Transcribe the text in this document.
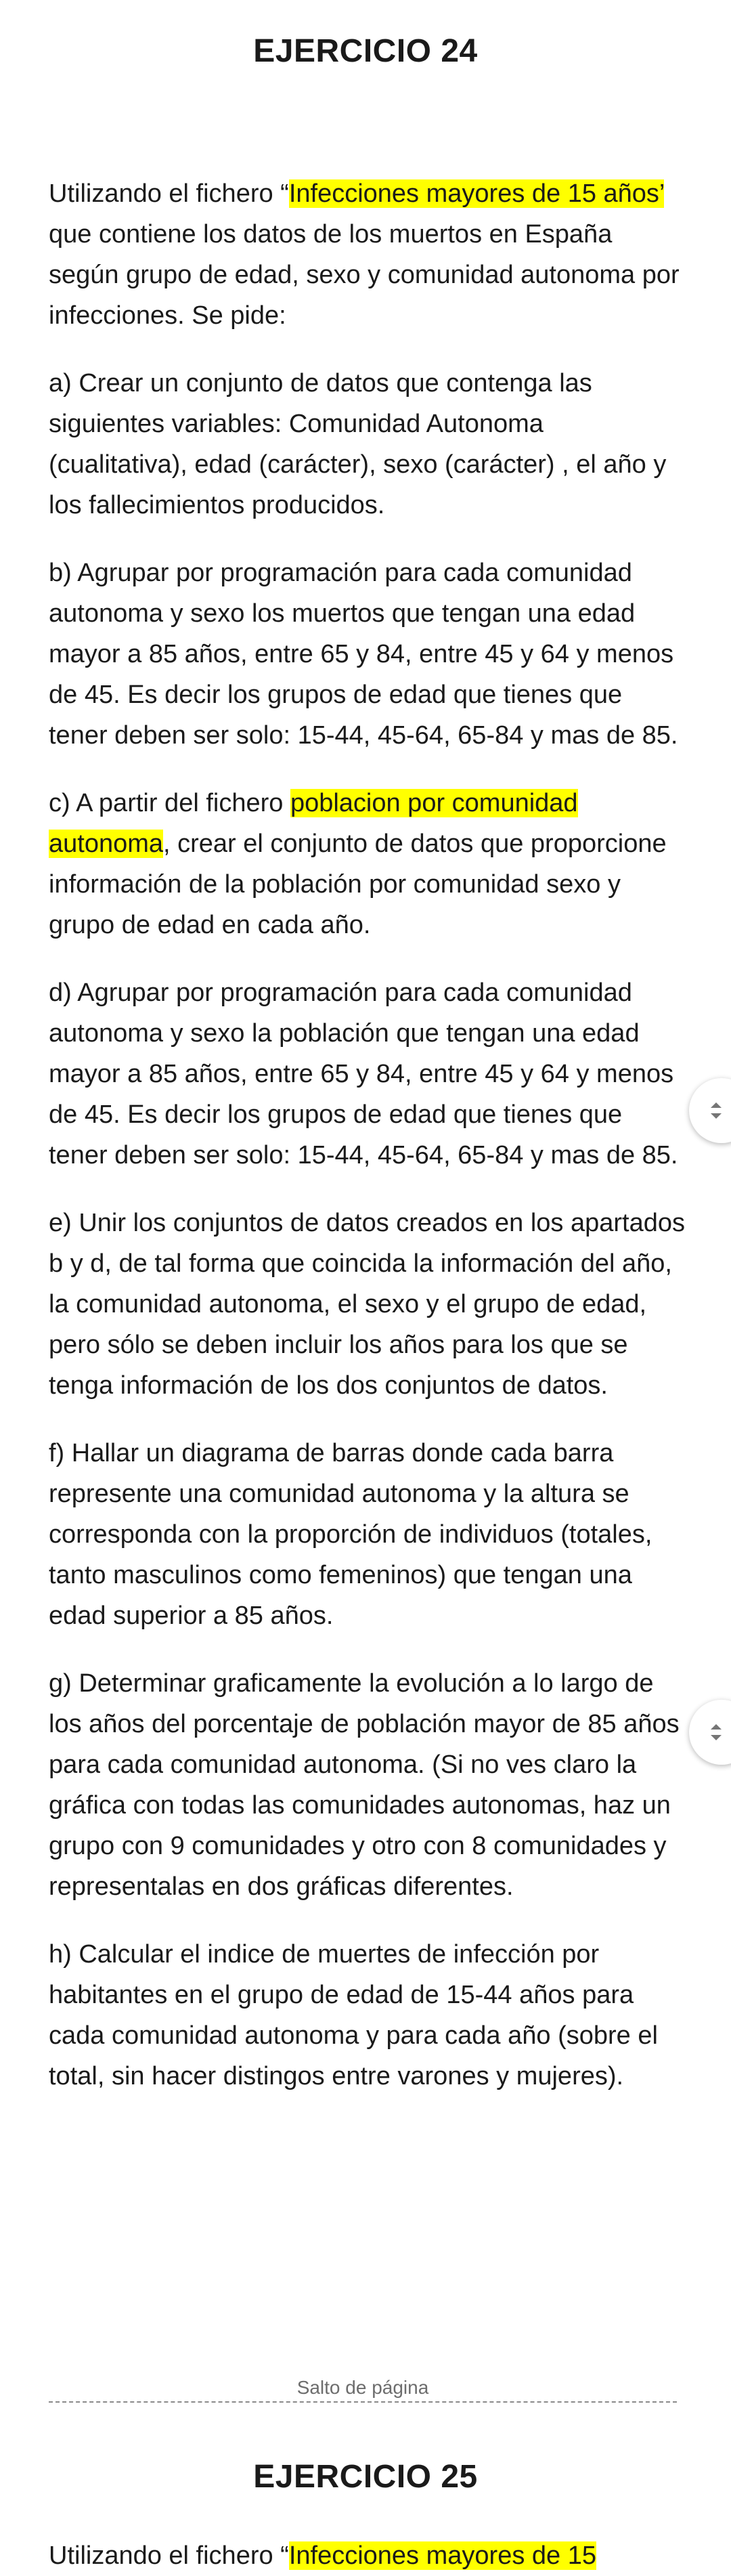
EJERCICIO 24

Utilizando el fichero “Infecciones mayores de 15 años’ que contiene los datos de los muertos en España según grupo de edad, sexo y comunidad autonoma por infecciones. Se pide:

a) Crear un conjunto de datos que contenga las siguientes variables: Comunidad Autonoma (cualitativa), edad (carácter), sexo (carácter) , el año y los fallecimientos producidos.

b) Agrupar por programación para cada comunidad autonoma y sexo los muertos que tengan una edad mayor a 85 años, entre 65 y 84, entre 45 y 64 y menos de 45. Es decir los grupos de edad que tienes que tener deben ser solo: 15-44, 45-64, 65-84 y mas de 85.

c) A partir del fichero poblacion por comunidad autonoma, crear el conjunto de datos que proporcione información de la población por comunidad sexo y grupo de edad en cada año.

d) Agrupar por programación para cada comunidad autonoma y sexo la población que tengan una edad mayor a 85 años, entre 65 y 84, entre 45 y 64 y menos de 45. Es decir los grupos de edad que tienes que tener deben ser solo: 15-44, 45-64, 65-84 y mas de 85.

e) Unir los conjuntos de datos creados en los apartados b y d, de tal forma que coincida la información del año, la comunidad autonoma, el sexo y el grupo de edad, pero sólo se deben incluir los años para los que se tenga información de los dos conjuntos de datos.

f) Hallar un diagrama de barras donde cada barra represente una comunidad autonoma y la altura se corresponda con la proporción de individuos (totales, tanto masculinos como femeninos) que tengan una edad superior a 85 años.

g) Determinar graficamente la evolución a lo largo de los años del porcentaje de población mayor de 85 años para cada comunidad autonoma. (Si no ves claro la gráfica con todas las comunidades autonomas, haz un grupo con 9 comunidades y otro con 8 comunidades y representalas en dos gráficas diferentes.

h) Calcular el indice de muertes de infección por habitantes en el grupo de edad de 15-44 años para cada comunidad autonoma y para cada año (sobre el total, sin hacer distingos entre varones y mujeres).

Salto de página
EJERCICIO 25
Utilizando el fichero “Infecciones mayores de 15
